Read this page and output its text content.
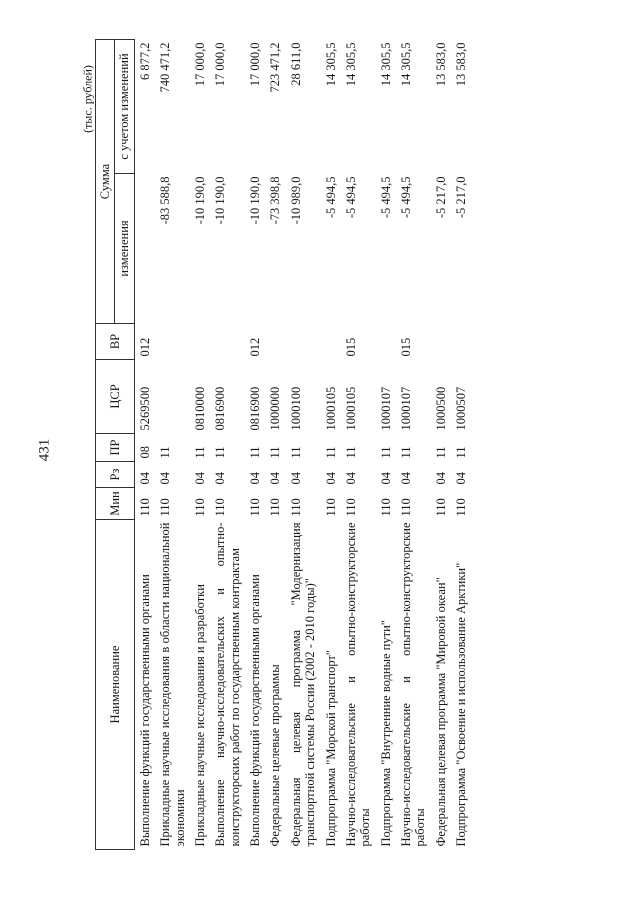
431
(тыс. рублей)
Наименование	Мин	Рз	ПР	ЦСР	ВР	Сумма	
						изменения	с учетом изменений
Выполнение функций государственными органами	110	04	08	5269500	012		6 877,2
Прикладные научные исследования в области национальной экономики	110	04	11			-83 588,8	740 471,2
Прикладные научные исследования и разработки	110	04	11	0810000		-10 190,0	17 000,0
Выполнение научно-исследовательских и опытно-конструкторских работ по государственным контрактам	110	04	11	0816900		-10 190,0	17 000,0
Выполнение функций государственными органами	110	04	11	0816900	012	-10 190,0	17 000,0
Федеральные целевые программы	110	04	11	1000000		-73 398,8	723 471,2
Федеральная целевая программа "Модернизация транспортной системы России (2002 - 2010 годы)"	110	04	11	1000100		-10 989,0	28 611,0
Подпрограмма "Морской транспорт"	110	04	11	1000105		-5 494,5	14 305,5
Научно-исследовательские и опытно-конструкторские работы	110	04	11	1000105	015	-5 494,5	14 305,5
Подпрограмма "Внутренние водные пути"	110	04	11	1000107		-5 494,5	14 305,5
Научно-исследовательские и опытно-конструкторские работы	110	04	11	1000107	015	-5 494,5	14 305,5
Федеральная целевая программа "Мировой океан"	110	04	11	1000500		-5 217,0	13 583,0
Подпрограмма "Освоение и использование Арктики"	110	04	11	1000507		-5 217,0	13 583,0
